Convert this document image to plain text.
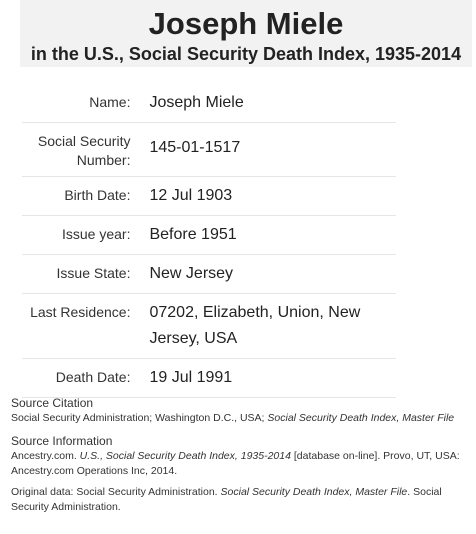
Joseph Miele
in the U.S., Social Security Death Index, 1935-2014
Name: Joseph Miele
Social Security Number:
145-01-1517
Birth Date: 12 Jul 1903
Issue year: Before 1951
Issue State: New Jersey
Last Residence: 07202, Elizabeth, Union, New Jersey, USA
Death Date: 19 Jul 1991

Source Citation

Social Security Administration; Washington D.C., USA; Social Security Death Index, Master File

Source Information

Ancestry.com. U.S., Social Security Death Index, 1935-2014 [database on-line]. Provo, UT, USA: Ancestry.com Operations Inc, 2014.

Original data: Social Security Administration. Social Security Death Index, Master File. Social Security Administration.
